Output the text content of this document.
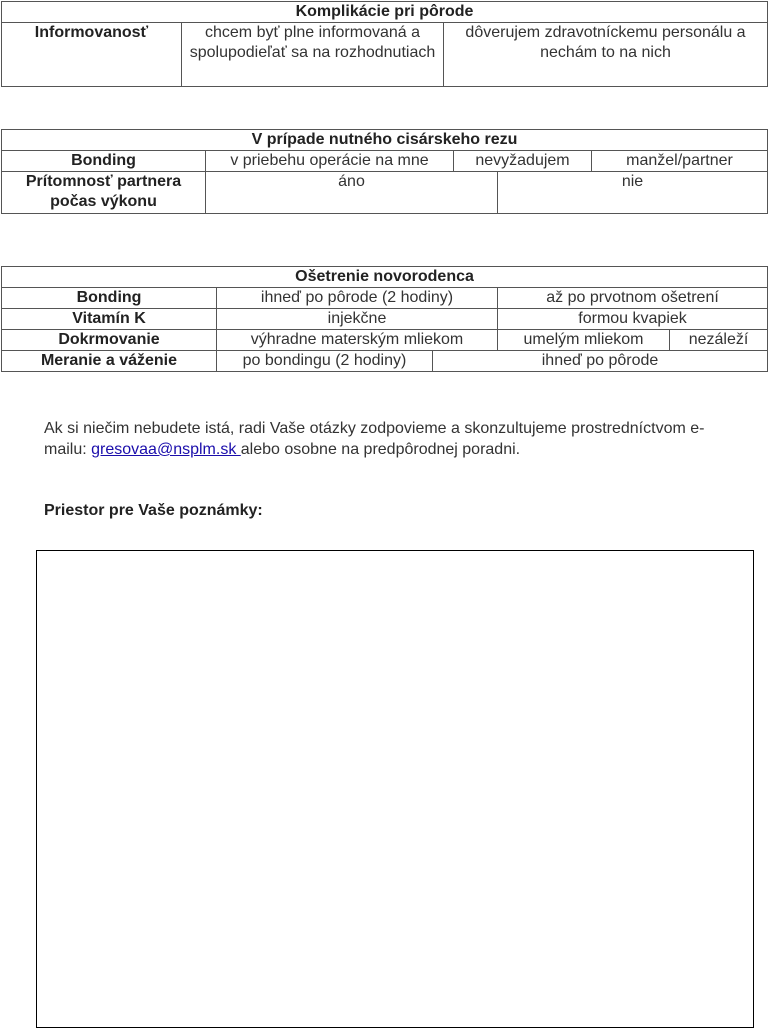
Komplikácie pri pôrode
Informovanosť	chcem byť plne informovaná a spolupodieľať sa na rozhodnutiach	dôverujem zdravotníckemu personálu a nechám to na nich
V prípade nutného cisárskeho rezu				
Bonding	v priebehu operácie na mne	nevyžadujem		manžel/partner
Prítomnosť partnera počas výkonu	áno		nie	
Ošetrenie novorodenca				
Bonding	ihneď po pôrode (2 hodiny)		až po prvotnom ošetrení	
Vitamín K	injekčne		formou kvapiek	
Dokrmovanie	výhradne materským mliekom		umelým mliekom	nezáleží
Meranie a váženie	po bondingu (2 hodiny)	ihneď po pôrode		
Ak si niečim nebudete istá, radi Vaše otázky zodpovieme a skonzultujeme prostredníctvom e-mailu: gresovaa@nsplm.sk alebo osobne na predpôrodnej poradni.
Priestor pre Vaše poznámky:
